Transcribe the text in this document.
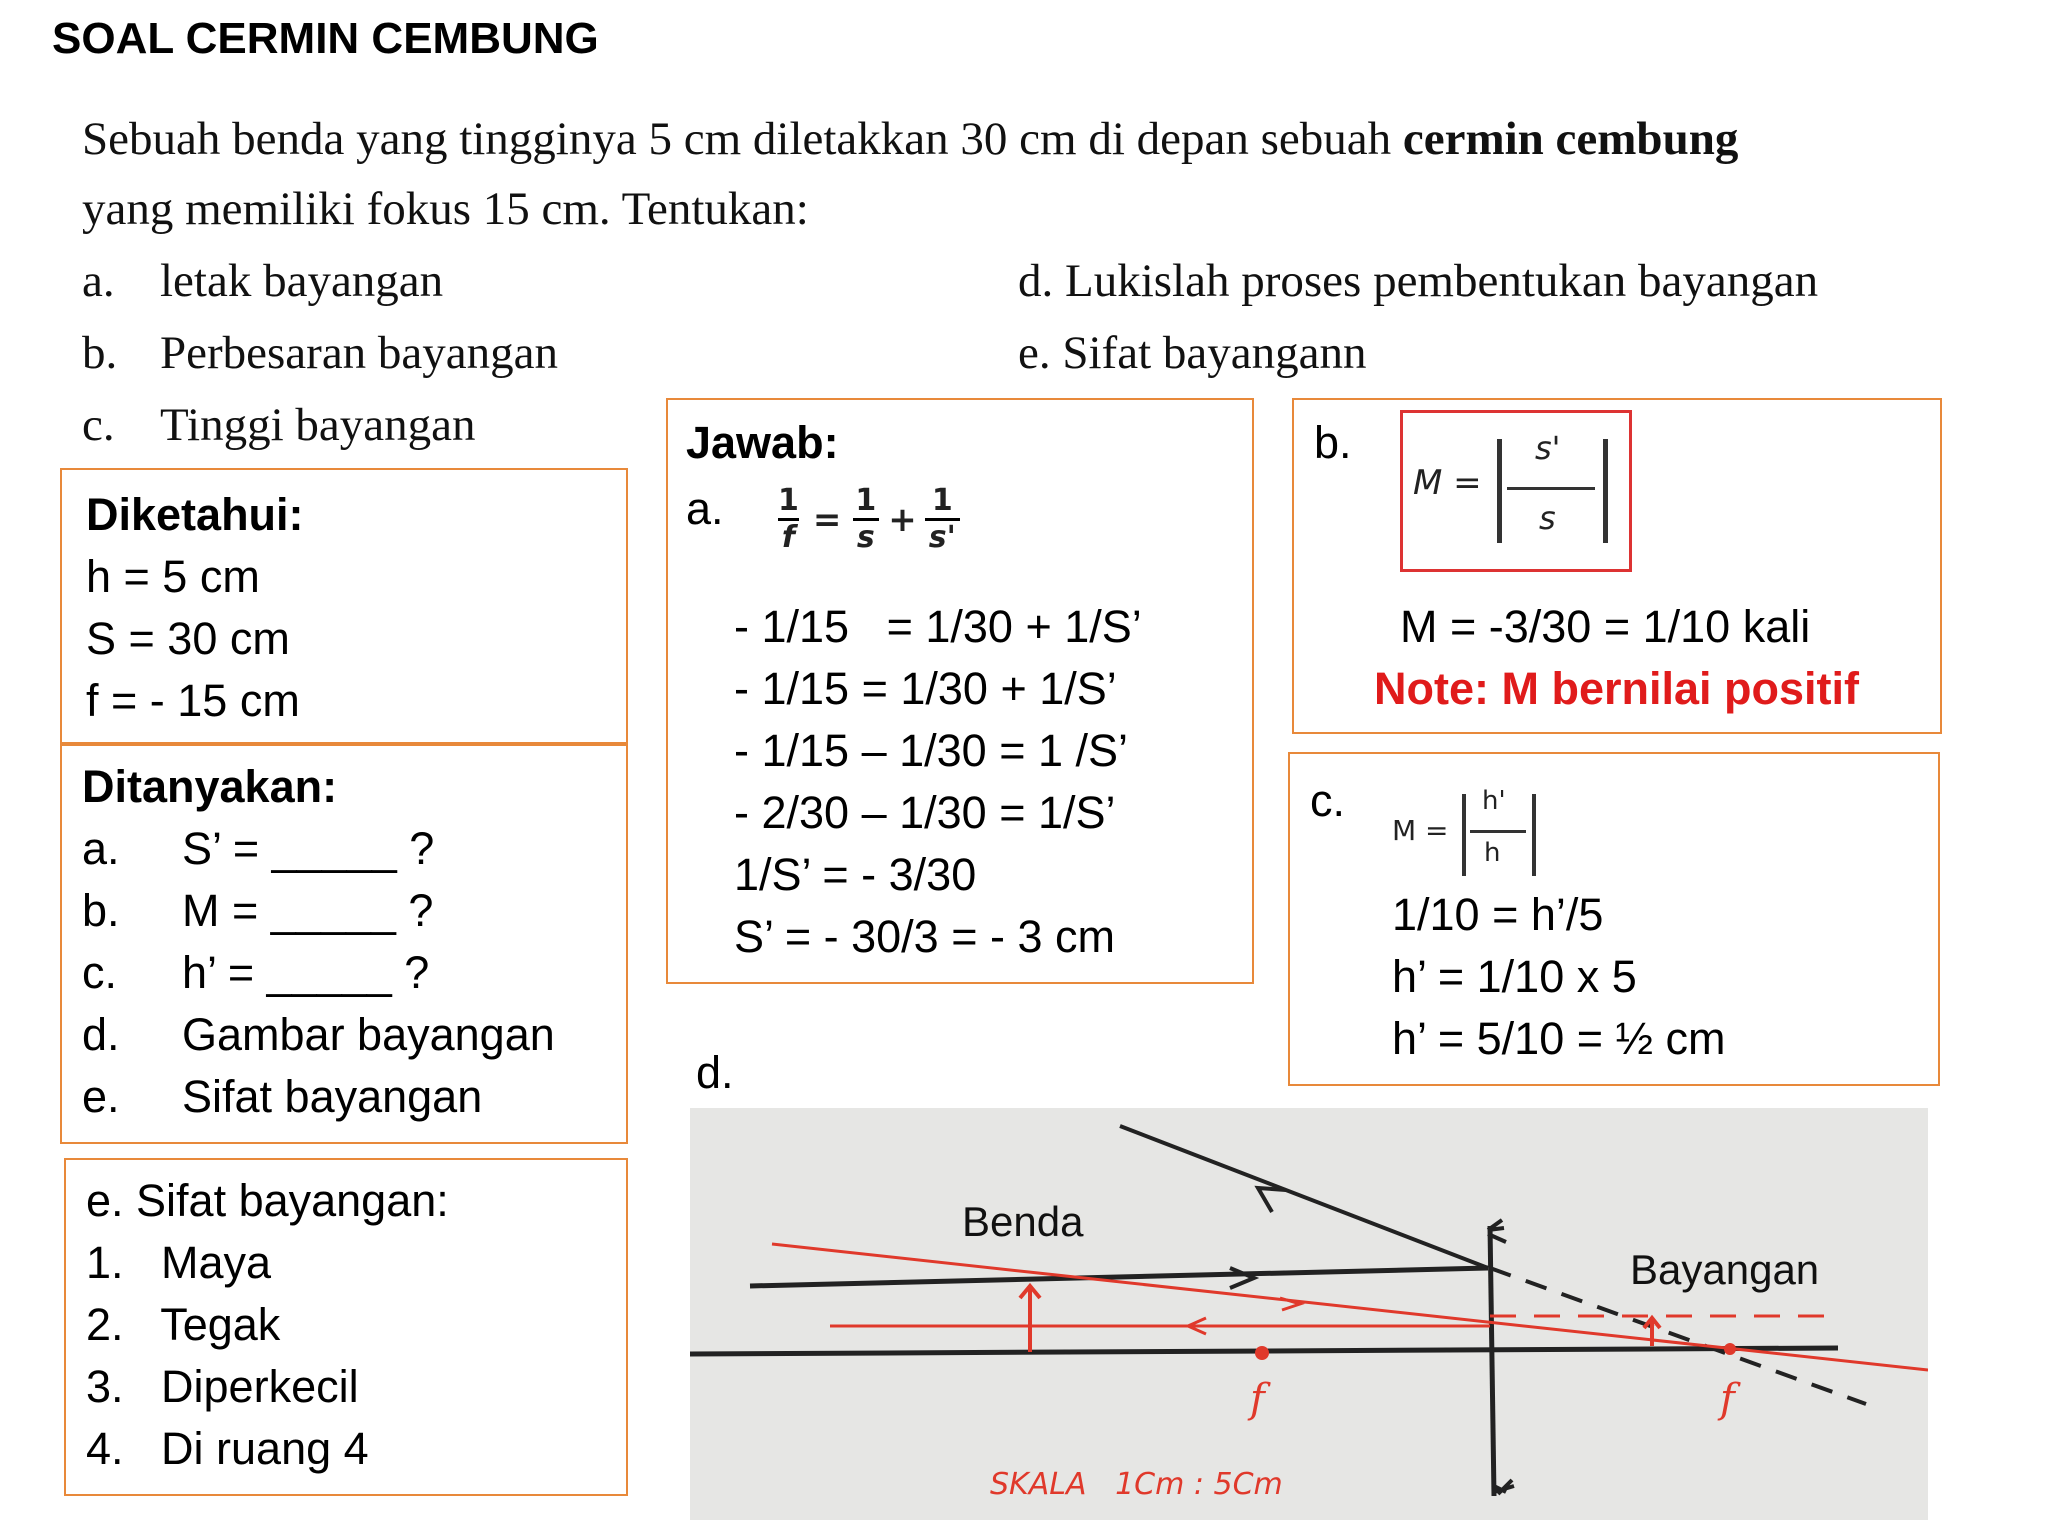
SOAL CERMIN CEMBUNG
Sebuah benda yang tingginya 5 cm diletakkan 30 cm di depan sebuah cermin cembung
yang memiliki fokus 15 cm. Tentukan:
a. letak bayangan
b. Perbesaran bayangan
c. Tinggi bayangan
d. Lukislah proses pembentukan bayangan
e. Sifat bayangann
Diketahui:
h = 5 cm
S = 30 cm
f = - 15 cm
Ditanyakan:
a. S’ = _____ ?
b. M = _____ ?
c. h’ = _____ ?
d. Gambar bayangan
e. Sifat bayangan
e. Sifat bayangan:
1.   Maya
2.   Tegak
3.   Diperkecil
4.   Di ruang 4
Jawab:
a. $\frac{1}{f} = \frac{1}{s} + \frac{1}{s'}$
- 1/15   = 1/30 + 1/S’
- 1/15 = 1/30 + 1/S’
- 1/15 – 1/30 = 1 /S’
- 2/30 – 1/30 = 1/S’
1/S’ = - 3/30
S’ = - 30/3 = - 3 cm
b.
M =
s'
s
M = -3/30 = 1/10 kali
Note: M bernilai positif
c.
M =
h'
h
1/10 = h’/5
h’ = 1/10 x 5
h’ = 5/10 = ½ cm
d.
Benda
Bayangan
f	f
SKALA   1Cm : 5Cm
